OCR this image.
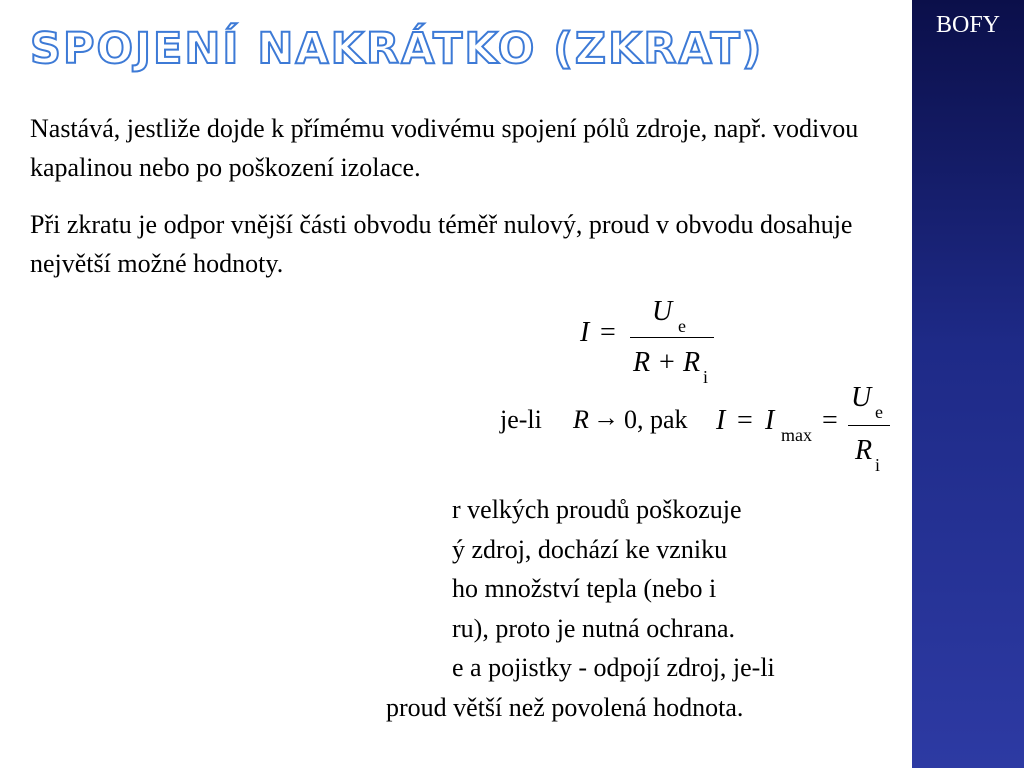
BOFY
SPOJENÍ NAKRÁTKO (ZKRAT)

Nastává, jestliže dojde k přímému vodivému spojení pólů zdroje, např. vodivou kapalinou nebo po poškození izolace.

Při zkratu je odpor vnější části obvodu téměř nulový, proud v obvodu dosahuje největší možné hodnoty.

I =
U e
R + R i
je-li R → 0, pak I = I max =
U e
R i
r velkých proudů poškozuje
ý zdroj, dochází ke vzniku
ho množství tepla (nebo i
ru), proto je nutná ochrana.
e a pojistky - odpojí zdroj, je-li
proud větší než povolená hodnota.
